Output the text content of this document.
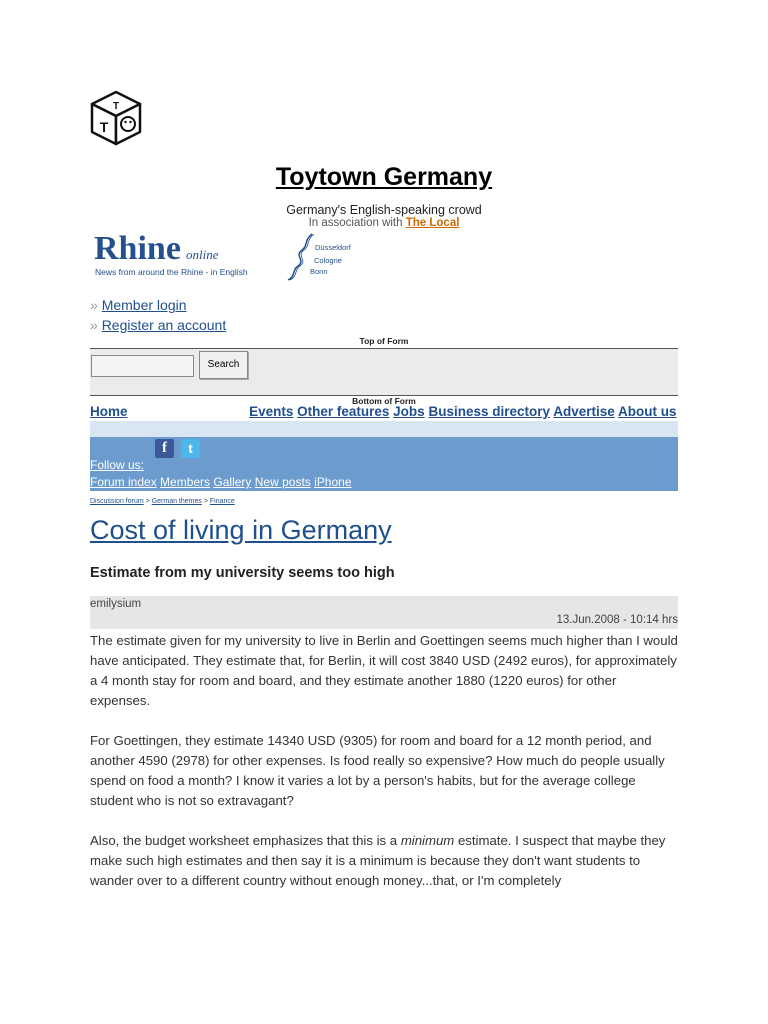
T
T
Toytown Germany
Germany's English-speaking crowd
In association with The Local
Rhine online
News from around the Rhine - in English
Düsseldorf
Cologne
Bonn
» Member login
» Register an account
Top of Form
Search
Bottom of Form
Home Discussion forum Events Other features Jobs Business directory Advertise About us
f	t
Follow us:
Forum index Members Gallery New posts iPhone
Discussion forum > German themes > Finance
Cost of living in Germany
Estimate from my university seems too high
emilysium
13.Jun.2008 - 10:14 hrs

The estimate given for my university to live in Berlin and Goettingen seems much higher than I would have anticipated. They estimate that, for Berlin, it will cost 3840 USD (2492 euros), for approximately a 4 month stay for room and board, and they estimate another 1880 (1220 euros) for other expenses.

For Goettingen, they estimate 14340 USD (9305) for room and board for a 12 month period, and another 4590 (2978) for other expenses. Is food really so expensive? How much do people usually spend on food a month? I know it varies a lot by a person's habits, but for the average college student who is not so extravagant?

Also, the budget worksheet emphasizes that this is a minimum estimate. I suspect that maybe they make such high estimates and then say it is a minimum is because they don't want students to wander over to a different country without enough money...that, or I'm completely
